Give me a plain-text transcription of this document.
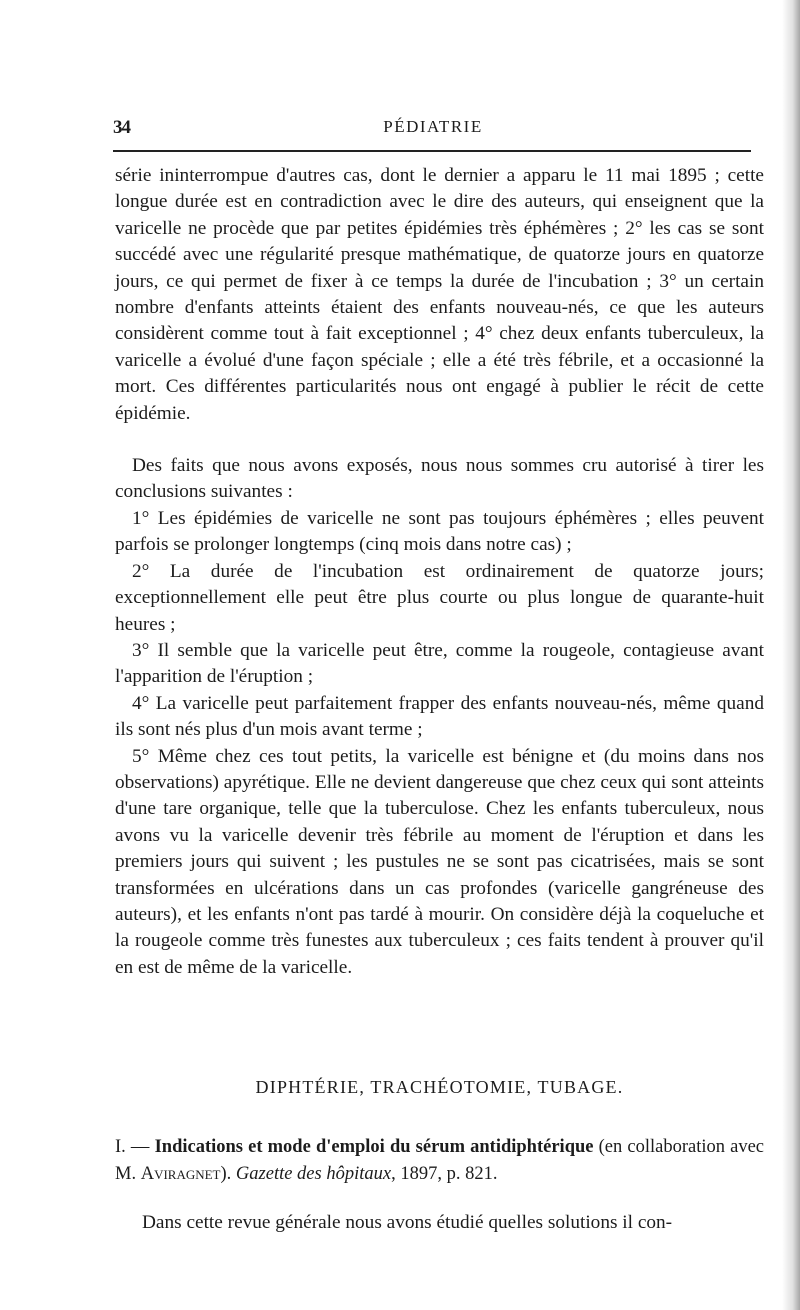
34	PÉDIATRIE

série ininterrompue d'autres cas, dont le dernier a apparu le 11 mai 1895 ; cette longue durée est en contradiction avec le dire des auteurs, qui enseignent que la varicelle ne procède que par petites épidémies très éphémères ; 2° les cas se sont succédé avec une régularité presque mathématique, de quatorze jours en quatorze jours, ce qui permet de fixer à ce temps la durée de l'incubation ; 3° un certain nombre d'enfants atteints étaient des enfants nouveau-nés, ce que les auteurs considèrent comme tout à fait exceptionnel ; 4° chez deux enfants tuberculeux, la varicelle a évolué d'une façon spéciale ; elle a été très fébrile, et a occasionné la mort. Ces différentes particularités nous ont engagé à publier le récit de cette épidémie.

Des faits que nous avons exposés, nous nous sommes cru autorisé à tirer les conclusions suivantes :

1° Les épidémies de varicelle ne sont pas toujours éphémères ; elles peuvent parfois se prolonger longtemps (cinq mois dans notre cas) ;

2° La durée de l'incubation est ordinairement de quatorze jours; exceptionnellement elle peut être plus courte ou plus longue de quarante-huit heures ;

3° Il semble que la varicelle peut être, comme la rougeole, contagieuse avant l'apparition de l'éruption ;

4° La varicelle peut parfaitement frapper des enfants nouveau-nés, même quand ils sont nés plus d'un mois avant terme ;

5° Même chez ces tout petits, la varicelle est bénigne et (du moins dans nos observations) apyrétique. Elle ne devient dangereuse que chez ceux qui sont atteints d'une tare organique, telle que la tuberculose. Chez les enfants tuberculeux, nous avons vu la varicelle devenir très fébrile au moment de l'éruption et dans les premiers jours qui suivent ; les pustules ne se sont pas cicatrisées, mais se sont transformées en ulcérations dans un cas profondes (varicelle gangréneuse des auteurs), et les enfants n'ont pas tardé à mourir. On considère déjà la coqueluche et la rougeole comme très funestes aux tuberculeux ; ces faits tendent à prouver qu'il en est de même de la varicelle.

DIPHTÉRIE, TRACHÉOTOMIE, TUBAGE.
I. — Indications et mode d'emploi du sérum antidiphtérique (en collaboration avec M. Aviragnet). Gazette des hôpitaux, 1897, p. 821.
Dans cette revue générale nous avons étudié quelles solutions il con-
